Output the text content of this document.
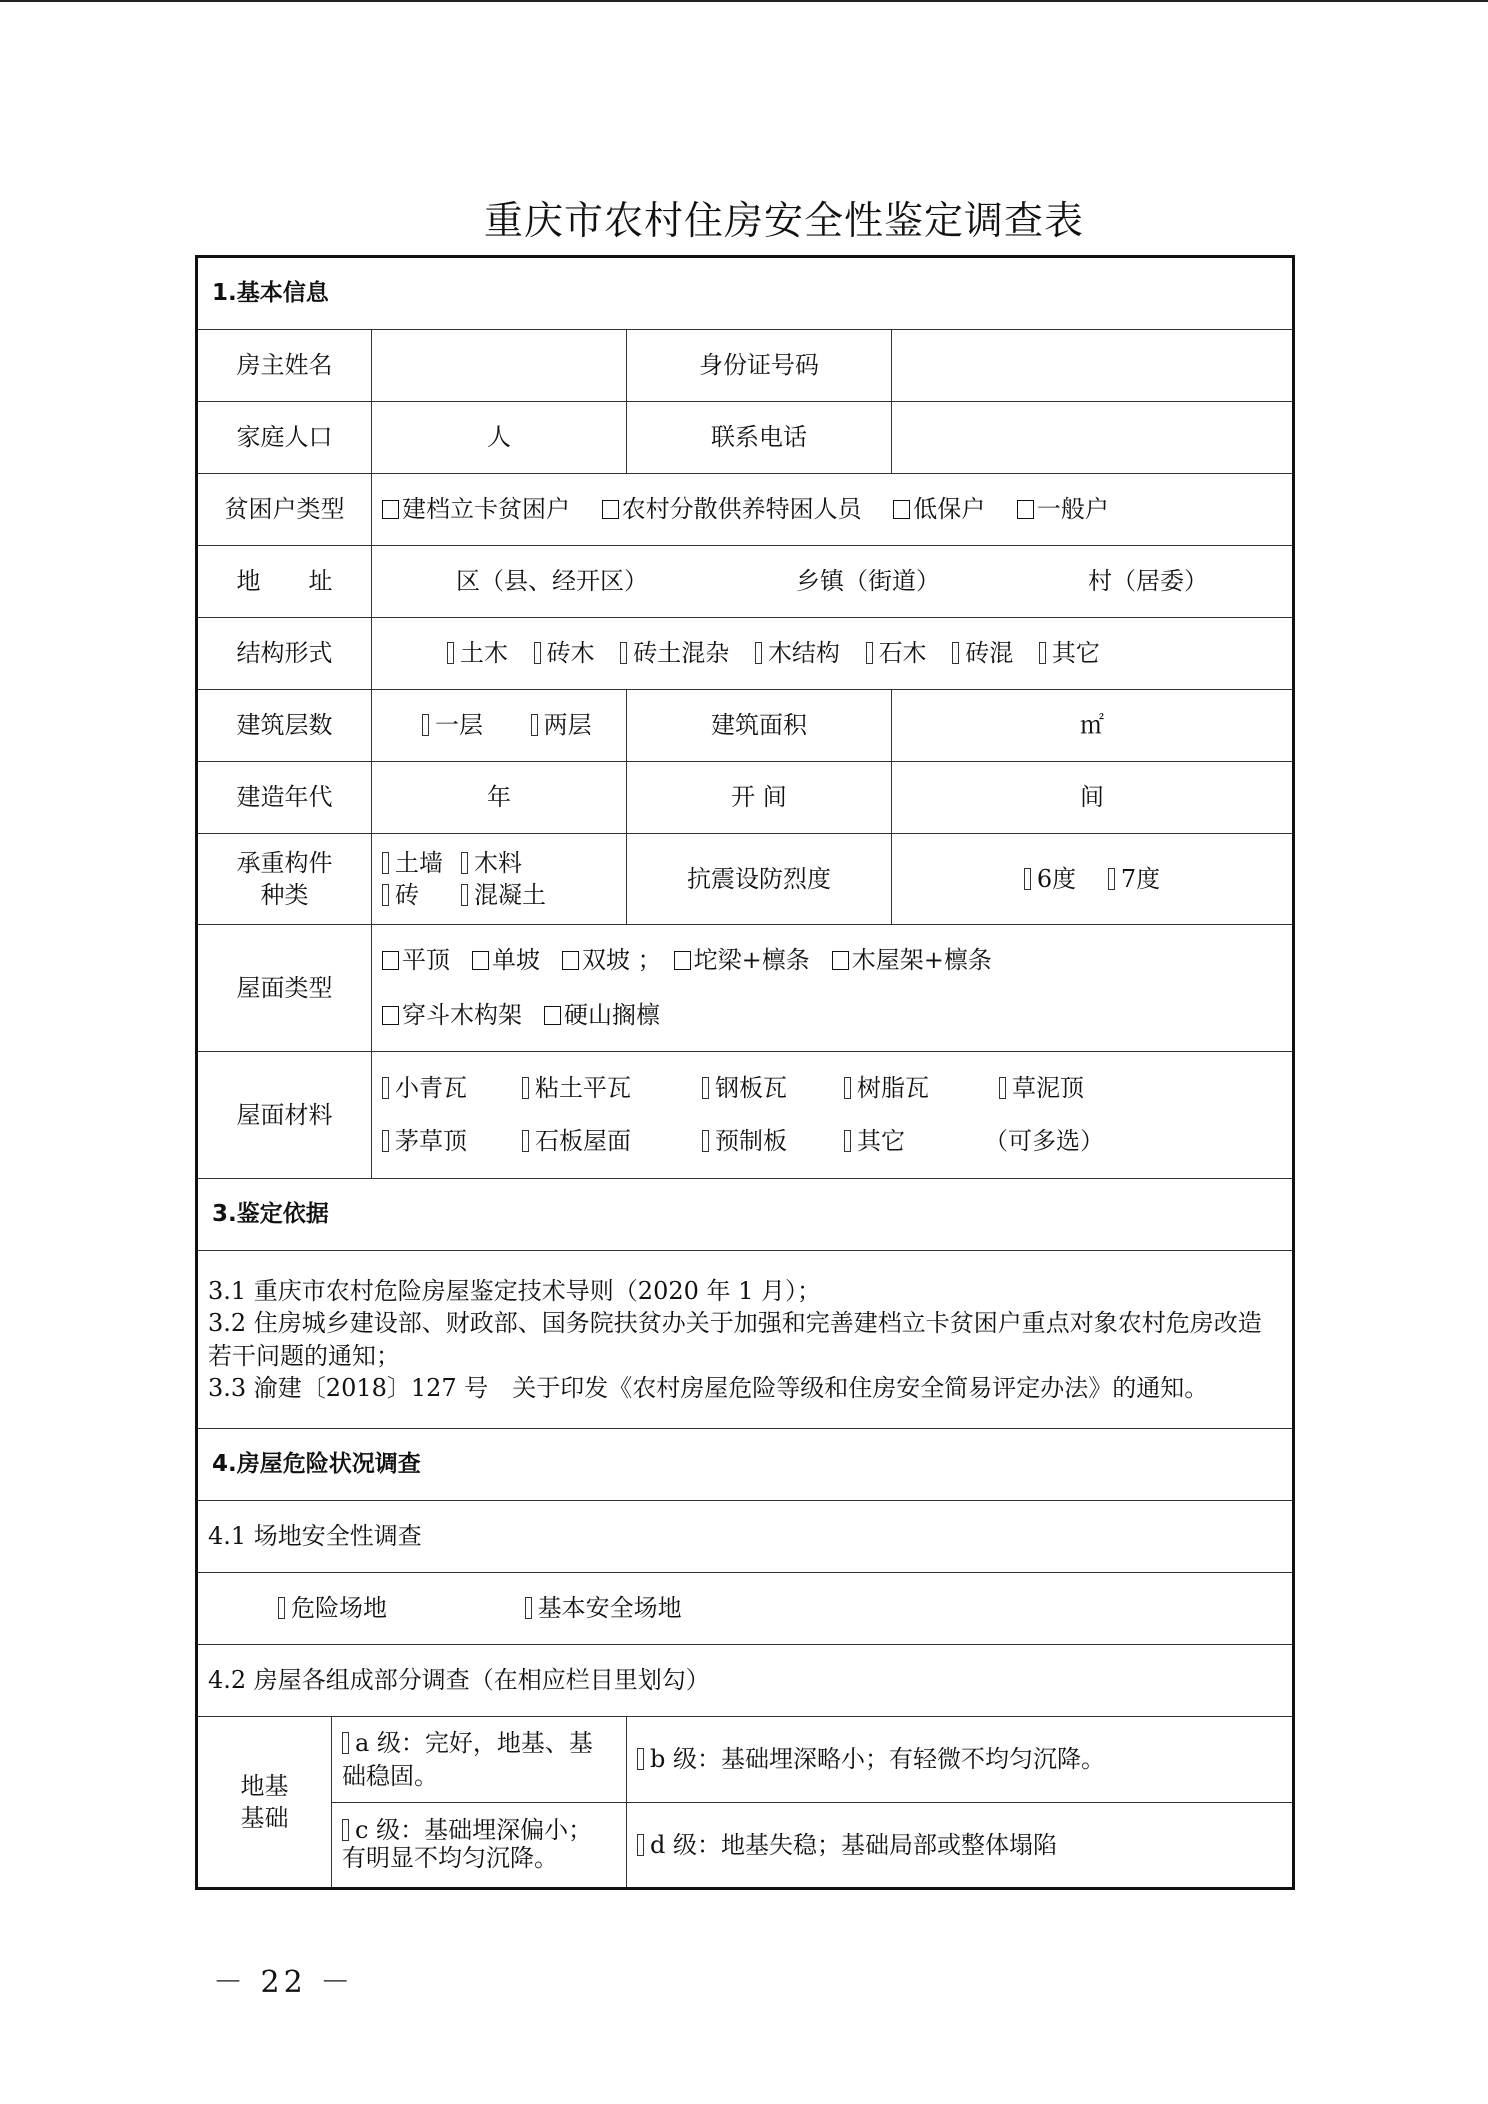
重庆市农村住房安全性鉴定调查表
1.基本信息				
房主姓名			身份证号码	
家庭人口		人	联系电话	
贫困户类型		建档立卡贫困户 农村分散供养特困人员 低保户 一般户		
地　　址		区（县、经开区） 乡镇（街道） 村（居委）		

结构形式		土木 砖木 砖土混杂 木结构 石木 砖混 其它		
建筑层数		一层 两层	建筑面积	㎡
建造年代		年	开 间	间

承重构件
种类		土墙 木料
砖 混凝土	抗震设防烈度	6度 7度
屋面类型		平顶 单坡 双坡 ； 坨梁+檩条 木屋架+檩条
穿斗木构架 硬山搁檩		

屋面材料		小青瓦 粘土平瓦 钢板瓦 树脂瓦 草泥顶
茅草顶 石板屋面 预制板 其它 （可多选）		

3.鉴定依据				

3.1 重庆市农村危险房屋鉴定技术导则（2020 年 1 月）；
3.2 住房城乡建设部、财政部、国务院扶贫办关于加强和完善建档立卡贫困户重点对象农村危房改造若干问题的通知；
3.3 渝建〔2018〕127 号　关于印发《农村房屋危险等级和住房安全简易评定办法》的通知。				

4.房屋危险状况调查				
4.1 场地安全性调查				
危险场地 基本安全场地				
4.2 房屋各组成部分调查（在相应栏目里划勾）				

地基
基础	a 级：完好，地基、基础稳固。		b 级：基础埋深略小；有轻微不均匀沉降。	
	c 级：基础埋深偏小；有明显不均匀沉降。		d 级：地基失稳；基础局部或整体塌陷	
－ 22 －
